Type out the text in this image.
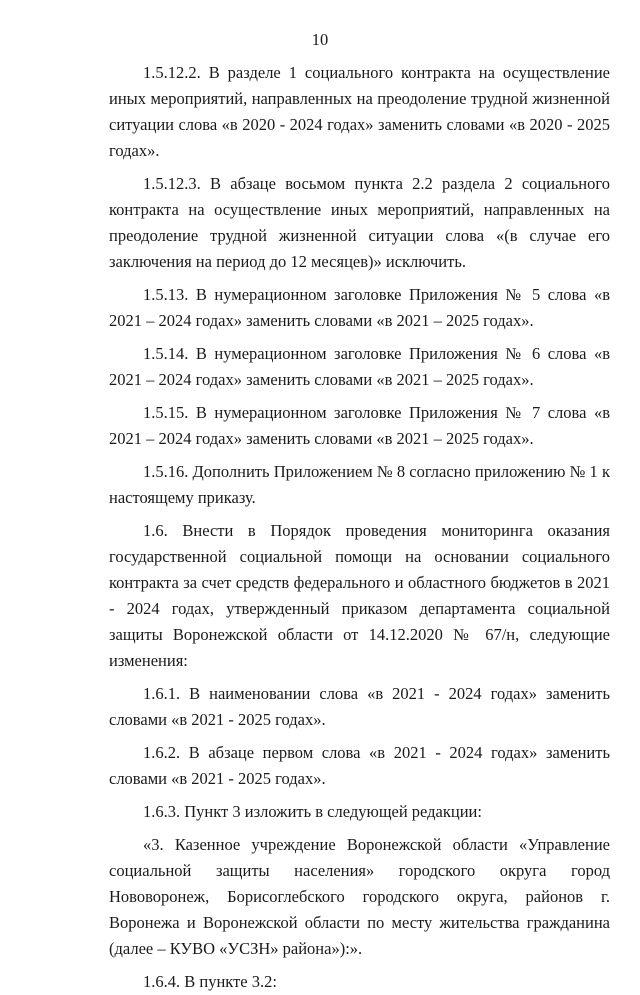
10

1.5.12.2. В разделе 1 социального контракта на осуществление иных мероприятий, направленных на преодоление трудной жизненной ситуации слова «в 2020 - 2024 годах» заменить словами «в 2020 - 2025 годах».

1.5.12.3. В абзаце восьмом пункта 2.2 раздела 2 социального контракта на осуществление иных мероприятий, направленных на преодоление трудной жизненной ситуации слова «(в случае его заключения на период до 12 месяцев)» исключить.

1.5.13. В нумерационном заголовке Приложения № 5 слова «в 2021 – 2024 годах» заменить словами «в 2021 – 2025 годах».

1.5.14. В нумерационном заголовке Приложения № 6 слова «в 2021 – 2024 годах» заменить словами «в 2021 – 2025 годах».

1.5.15. В нумерационном заголовке Приложения № 7 слова «в 2021 – 2024 годах» заменить словами «в 2021 – 2025 годах».

1.5.16. Дополнить Приложением № 8 согласно приложению № 1 к настоящему приказу.

1.6. Внести в Порядок проведения мониторинга оказания государственной социальной помощи на основании социального контракта за счет средств федерального и областного бюджетов в 2021 - 2024 годах, утвержденный приказом департамента социальной защиты Воронежской области от 14.12.2020 № 67/н, следующие изменения:

1.6.1. В наименовании слова «в 2021 - 2024 годах» заменить словами «в 2021 - 2025 годах».

1.6.2. В абзаце первом слова «в 2021 - 2024 годах» заменить словами «в 2021 - 2025 годах».

1.6.3. Пункт 3 изложить в следующей редакции:

«3. Казенное учреждение Воронежской области «Управление социальной защиты населения» городского округа город Нововоронеж, Борисоглебского городского округа, районов г. Воронежа и Воронежской области по месту жительства гражданина (далее – КУВО «УСЗН» района»):».

1.6.4. В пункте 3.2:
